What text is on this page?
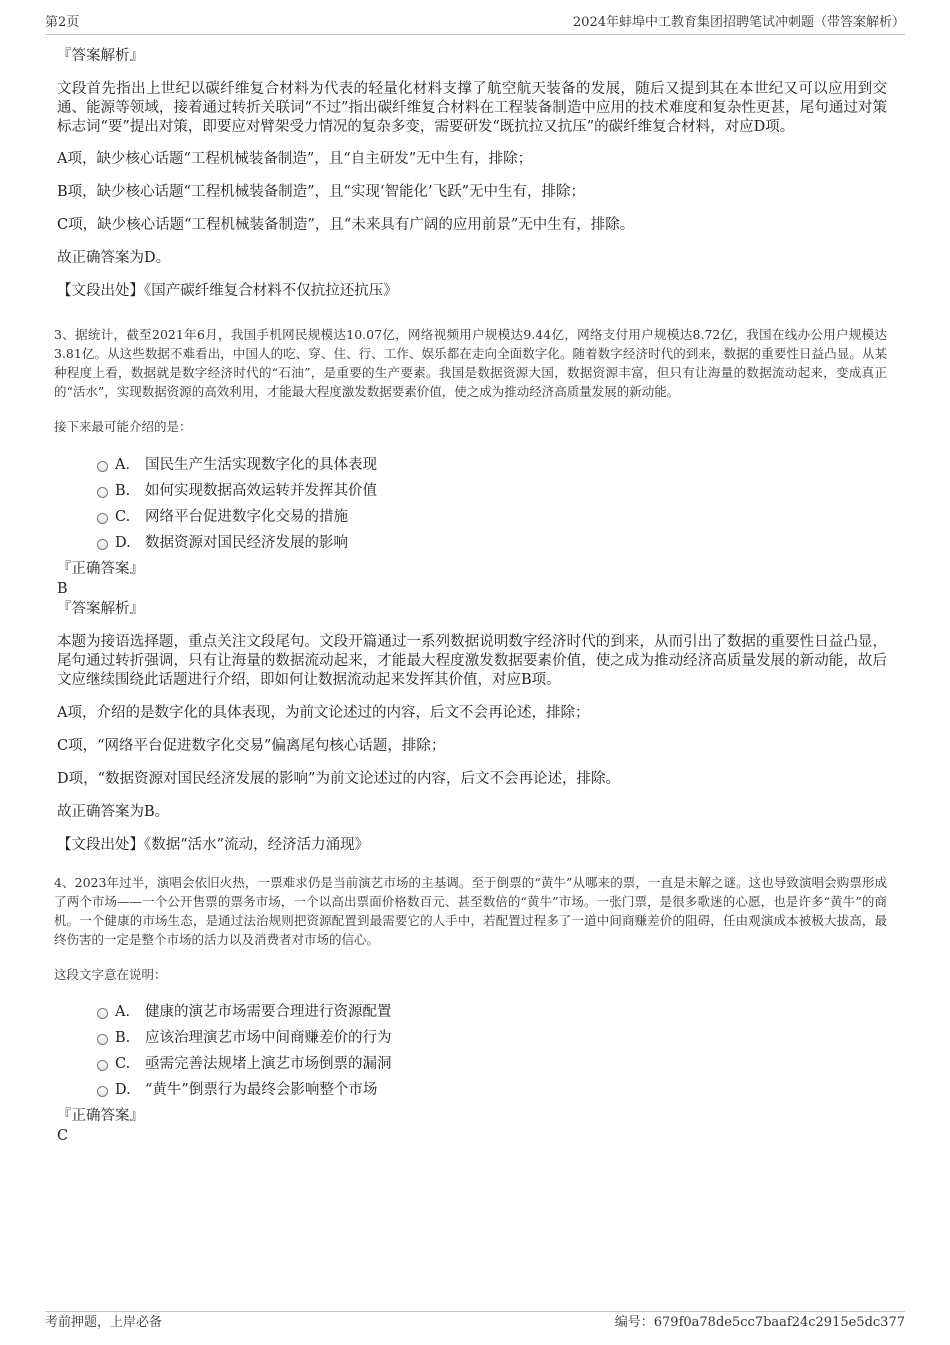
第2页	2024年蚌埠中工教育集团招聘笔试冲刺题（带答案解析）

『答案解析』

文段首先指出上世纪以碳纤维复合材料为代表的轻量化材料支撑了航空航天装备的发展，随后又提到其在本世纪又可以应用到交通、能源等领域，接着通过转折关联词“不过”指出碳纤维复合材料在工程装备制造中应用的技术难度和复杂性更甚，尾句通过对策标志词“要”提出对策，即要应对臂架受力情况的复杂多变，需要研发“既抗拉又抗压”的碳纤维复合材料，对应D项。

A项，缺少核心话题“工程机械装备制造”，且“自主研发”无中生有，排除；

B项，缺少核心话题“工程机械装备制造”，且“实现‘智能化’飞跃”无中生有，排除；

C项，缺少核心话题“工程机械装备制造”，且“未来具有广阔的应用前景”无中生有，排除。

故正确答案为D。

【文段出处】《国产碳纤维复合材料不仅抗拉还抗压》

3、据统计，截至2021年6月，我国手机网民规模达10.07亿，网络视频用户规模达9.44亿，网络支付用户规模达8.72亿，我国在线办公用户规模达3.81亿。从这些数据不难看出，中国人的吃、穿、住、行、工作、娱乐都在走向全面数字化。随着数字经济时代的到来，数据的重要性日益凸显。从某种程度上看，数据就是数字经济时代的“石油”，是重要的生产要素。我国是数据资源大国，数据资源丰富，但只有让海量的数据流动起来，变成真正的“活水”，实现数据资源的高效利用，才能最大程度激发数据要素价值，使之成为推动经济高质量发展的新动能。

接下来最可能介绍的是：

A． 国民生产生活实现数字化的具体表现
B. 如何实现数据高效运转并发挥其价值
C. 网络平台促进数字化交易的措施
D. 数据资源对国民经济发展的影响

『正确答案』

B

『答案解析』

本题为接语选择题，重点关注文段尾句。文段开篇通过一系列数据说明数字经济时代的到来，从而引出了数据的重要性日益凸显，尾句通过转折强调，只有让海量的数据流动起来，才能最大程度激发数据要素价值，使之成为推动经济高质量发展的新动能，故后文应继续围绕此话题进行介绍，即如何让数据流动起来发挥其价值，对应B项。

A项，介绍的是数字化的具体表现，为前文论述过的内容，后文不会再论述，排除；

C项，“网络平台促进数字化交易”偏离尾句核心话题，排除；

D项，“数据资源对国民经济发展的影响”为前文论述过的内容，后文不会再论述，排除。

故正确答案为B。

【文段出处】《数据“活水”流动，经济活力涌现》

4、2023年过半，演唱会依旧火热，一票难求仍是当前演艺市场的主基调。至于倒票的“黄牛”从哪来的票，一直是未解之谜。这也导致演唱会购票形成了两个市场——一个公开售票的票务市场，一个以高出票面价格数百元、甚至数倍的“黄牛”市场。一张门票，是很多歌迷的心愿，也是许多“黄牛”的商机。一个健康的市场生态，是通过法治规则把资源配置到最需要它的人手中，若配置过程多了一道中间商赚差价的阻碍，任由观演成本被极大拔高，最终伤害的一定是整个市场的活力以及消费者对市场的信心。

这段文字意在说明：

A． 健康的演艺市场需要合理进行资源配置
B. 应该治理演艺市场中间商赚差价的行为
C. 亟需完善法规堵上演艺市场倒票的漏洞
D. “黄牛”倒票行为最终会影响整个市场

『正确答案』

C

考前押题，上岸必备	编号：679f0a78de5cc7baaf24c2915e5dc377
